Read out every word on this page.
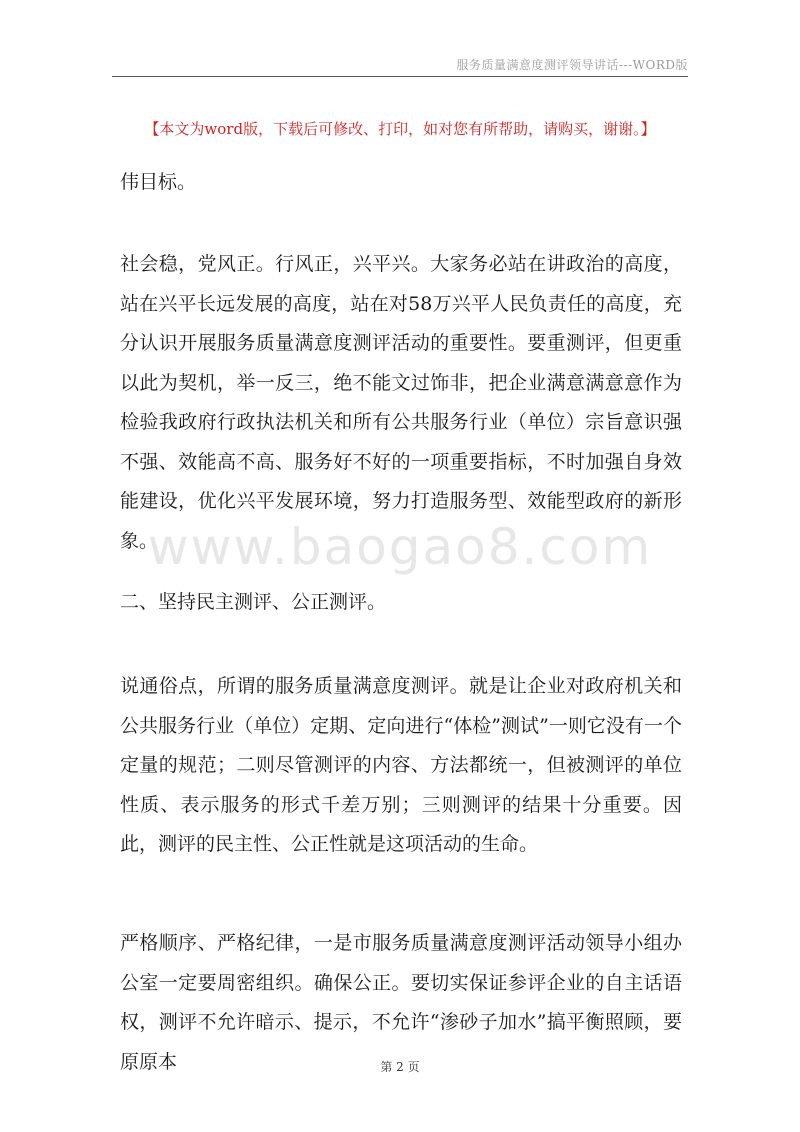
服务质量满意度测评领导讲话---WORD版
【本文为word版，下载后可修改、打印，如对您有所帮助，请购买，谢谢。】
www.baogao8.com
伟目标。
社会稳，党风正。行风正，兴平兴。大家务必站在讲政治的高度，站在兴平长远发展的高度，站在对58万兴平人民负责任的高度，充分认识开展服务质量满意度测评活动的重要性。要重测评，但更重以此为契机，举一反三，绝不能文过饰非，把企业满意满意意作为检验我政府行政执法机关和所有公共服务行业（单位）宗旨意识强不强、效能高不高、服务好不好的一项重要指标，不时加强自身效能建设，优化兴平发展环境，努力打造服务型、效能型政府的新形象。
二、坚持民主测评、公正测评。
说通俗点，所谓的服务质量满意度测评。就是让企业对政府机关和公共服务行业（单位）定期、定向进行“体检”测试”一则它没有一个定量的规范；二则尽管测评的内容、方法都统一，但被测评的单位性质、表示服务的形式千差万别；三则测评的结果十分重要。因此，测评的民主性、公正性就是这项活动的生命。
严格顺序、严格纪律，一是市服务质量满意度测评活动领导小组办公室一定要周密组织。确保公正。要切实保证参评企业的自主话语权，测评不允许暗示、提示，不允许“渗砂子加水”搞平衡照顾，要原原本	第 2 页
